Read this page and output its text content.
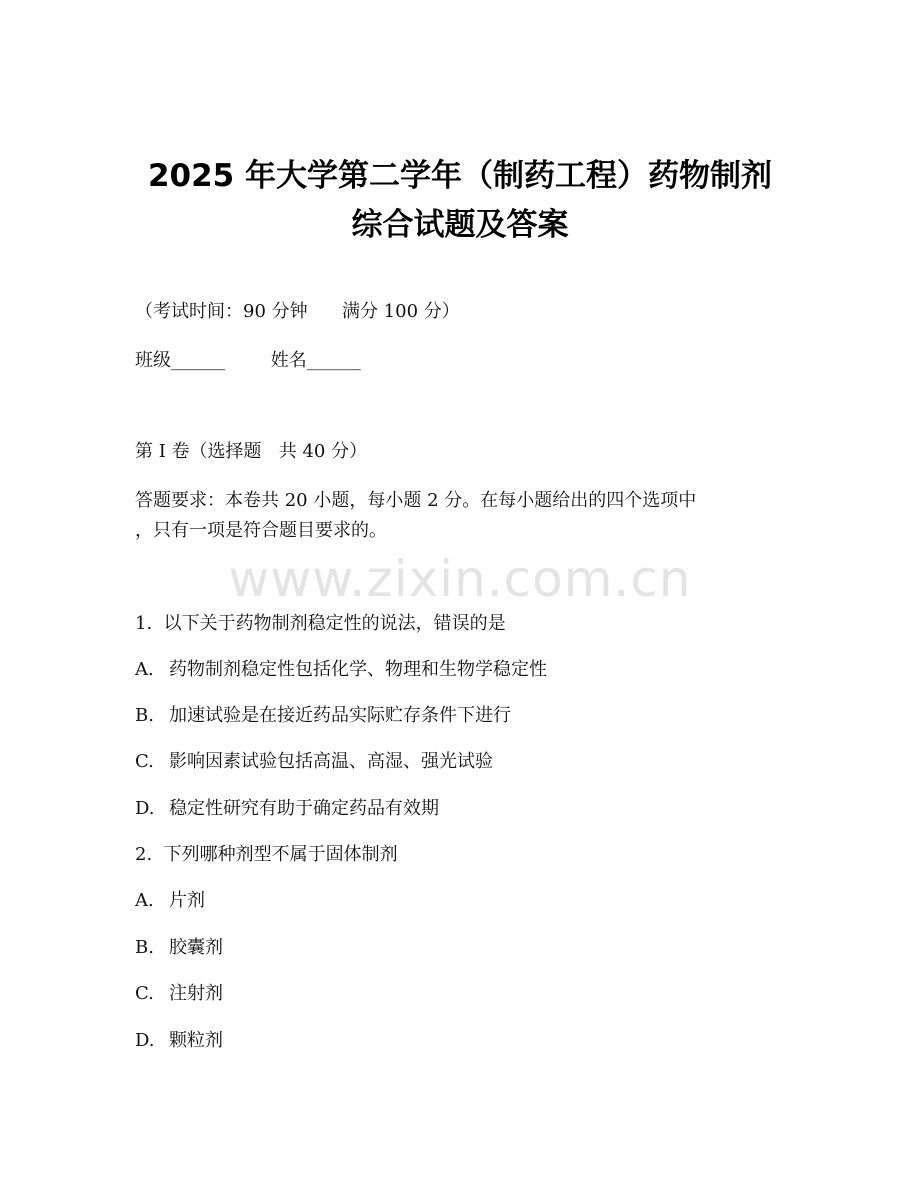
2025 年大学第二学年（制药工程）药物制剂
综合试题及答案
（考试时间：90 分钟      满分 100 分）
班级______        姓名______
第 I 卷（选择题   共 40 分）
答题要求：本卷共 20 小题，每小题 2 分。在每小题给出的四个选项中
，只有一项是符合题目要求的。
www.zixin.com.cn
1.  以下关于药物制剂稳定性的说法，错误的是
A. 药物制剂稳定性包括化学、物理和生物学稳定性
B. 加速试验是在接近药品实际贮存条件下进行
C. 影响因素试验包括高温、高湿、强光试验
D. 稳定性研究有助于确定药品有效期
2.  下列哪种剂型不属于固体制剂
A. 片剂
B. 胶囊剂
C. 注射剂
D. 颗粒剂
